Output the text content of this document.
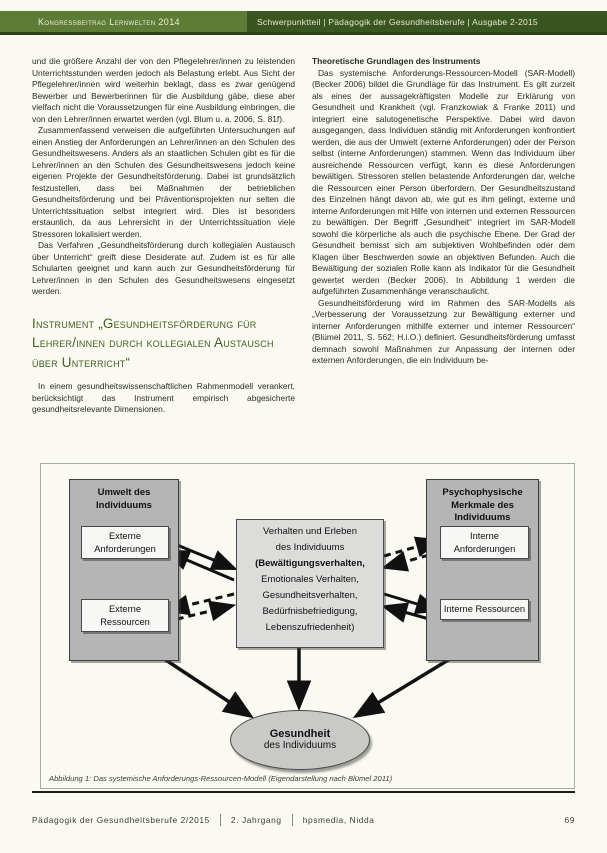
Kongressbeitrag Lernwelten 2014	Schwerpunktteil | Pädagogik der Gesundheitsberufe | Ausgabe 2-2015

und die größere Anzahl der von den Pflegelehrer/innen zu leistenden Unterrichtsstunden werden jedoch als Belastung erlebt. Aus Sicht der Pflegelehrer/innen wird weiterhin beklagt, dass es zwar genügend Bewerber und Bewerberinnen für die Ausbildung gäbe, diese aber vielfach nicht die Voraussetzungen für eine Ausbildung einbringen, die von den Lehrer/innen erwartet werden (vgl. Blum u. a. 2006, S. 81f).

Zusammenfassend verweisen die aufgeführten Untersuchungen auf einen Anstieg der Anforderungen an Lehrer/innen an den Schulen des Gesundheitswesens. Anders als an staatlichen Schulen gibt es für die Lehrer/innen an den Schulen des Gesundheitswesens jedoch keine eigenen Projekte der Gesundheitsförderung. Dabei ist grundsätzlich festzustellen, dass bei Maßnahmen der betrieblichen Gesundheitsförderung und bei Präventionsprojekten nur selten die Unterrichtssituation selbst integriert wird. Dies ist besonders erstaunlich, da aus Lehrersicht in der Unterrichtssituation viele Stressoren lokalisiert werden.

Das Verfahren „Gesundheitsförderung durch kollegialen Austausch über Unterricht“ greift diese Desiderate auf. Zudem ist es für alle Schularten geeignet und kann auch zur Gesundheitsförderung für Lehrer/innen in den Schulen des Gesundheitswesens eingesetzt werden.

Instrument „Gesundheitsförderung für Lehrer/innen durch kollegialen Austausch über Unterricht“

In einem gesundheitswissenschaftlichen Rahmenmodell verankert, berücksichtigt das Instrument empirisch abgesicherte gesundheitsrelevante Dimensionen.

Theoretische Grundlagen des Instruments

Das systemische Anforderungs-Ressourcen-Modell (SAR-Modell) (Becker 2006) bildet die Grundlage für das Instrument. Es gilt zurzeit als eines der aussagekräftigsten Modelle zur Erklärung von Gesundheit und Krankheit (vgl. Franzkowiak & Franke 2011) und integriert eine salutogenetische Perspektive. Dabei wird davon ausgegangen, dass Individuen ständig mit Anforderungen konfrontiert werden, die aus der Umwelt (externe Anforderungen) oder der Person selbst (interne Anforderungen) stammen. Wenn das Individuum über ausreichende Ressourcen verfügt, kann es diese Anforderungen bewältigen. Stressoren stellen belastende Anforderungen dar, welche die Ressourcen einer Person überfordern. Der Gesundheitszustand des Einzelnen hängt davon ab, wie gut es ihm gelingt, externe und interne Anforderungen mit Hilfe von internen und externen Ressourcen zu bewältigen. Der Begriff „Gesundheit“ integriert im SAR-Modell sowohl die körperliche als auch die psychische Ebene. Der Grad der Gesundheit bemisst sich am subjektiven Wohlbefinden oder dem Klagen über Beschwerden sowie an objektiven Befunden. Auch die Bewältigung der sozialen Rolle kann als Indikator für die Gesundheit gewertet werden (Becker 2006). In Abbildung 1 werden die aufgeführten Zusammenhänge veranschaulicht.

Gesundheitsförderung wird im Rahmen des SAR-Modells als „Verbesserung der Voraussetzung zur Bewältigung externer und interner Anforderungen mithilfe externer und interner Ressourcen“ (Blümel 2011, S. 562; H.i.O.) definiert. Gesundheitsförderung umfasst demnach sowohl Maßnahmen zur Anpassung der internen oder externen Anforderungen, die ein Individuum be-

Umwelt des Individuums
Externe Anforderungen
Externe Ressourcen
Psychophysische Merkmale des Individuums
Interne Anforderungen
Interne Ressourcen
Verhalten und Erleben
des Individuums
(Bewältigungsverhalten,
Emotionales Verhalten,
Gesundheitsverhalten,
Bedürfnisbefriedigung,
Lebenszufriedenheit)
Gesundheit
des Individuums
Abbildung 1: Das systemische Anforderungs-Ressourcen-Modell (Eigendarstellung nach Blümel 2011)
Pädagogik der Gesundheitsberufe 2/2015	2. Jahrgang	hpsmedia, Nidda	69
